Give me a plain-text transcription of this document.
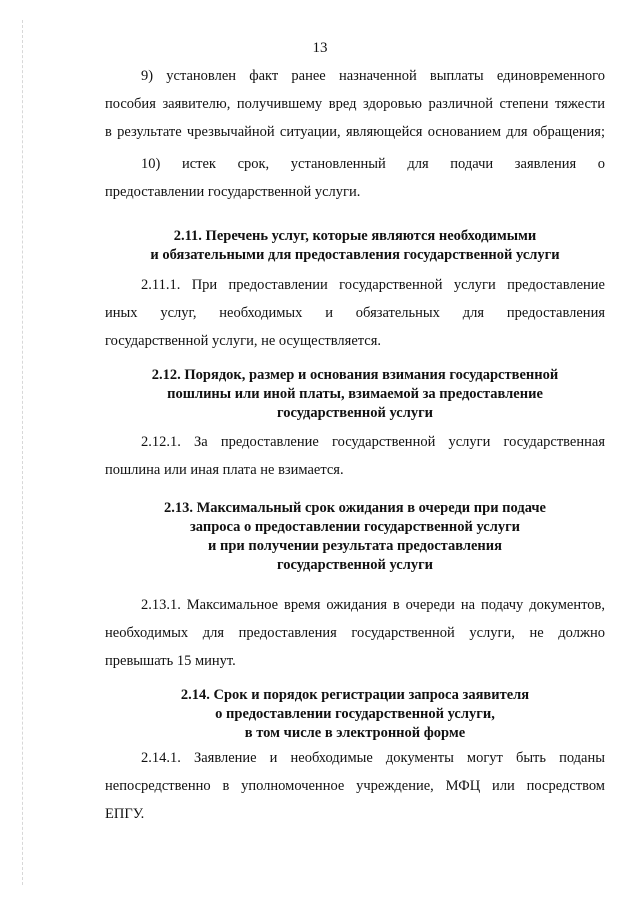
13
9) установлен факт ранее назначенной выплаты единовременного
пособия заявителю, получившему вред здоровью различной степени тяжести
в результате чрезвычайной ситуации, являющейся основанием для обращения;
10) истек срок, установленный для подачи заявления о
предоставлении государственной услуги.
2.11. Перечень услуг, которые являются необходимыми
и обязательными для предоставления государственной услуги
2.11.1. При предоставлении государственной услуги предоставление
иных услуг, необходимых и обязательных для предоставления
государственной услуги, не осуществляется.
2.12. Порядок, размер и основания взимания государственной
пошлины или иной платы, взимаемой за предоставление
государственной услуги
2.12.1. За предоставление государственной услуги государственная
пошлина или иная плата не взимается.
2.13. Максимальный срок ожидания в очереди при подаче
запроса о предоставлении государственной услуги
и при получении результата предоставления
государственной услуги
2.13.1. Максимальное время ожидания в очереди на подачу документов,
необходимых для предоставления государственной услуги, не должно
превышать 15 минут.
2.14. Срок и порядок регистрации запроса заявителя
о предоставлении государственной услуги,
в том числе в электронной форме
2.14.1. Заявление и необходимые документы могут быть поданы
непосредственно в уполномоченное учреждение, МФЦ или посредством
ЕПГУ.
